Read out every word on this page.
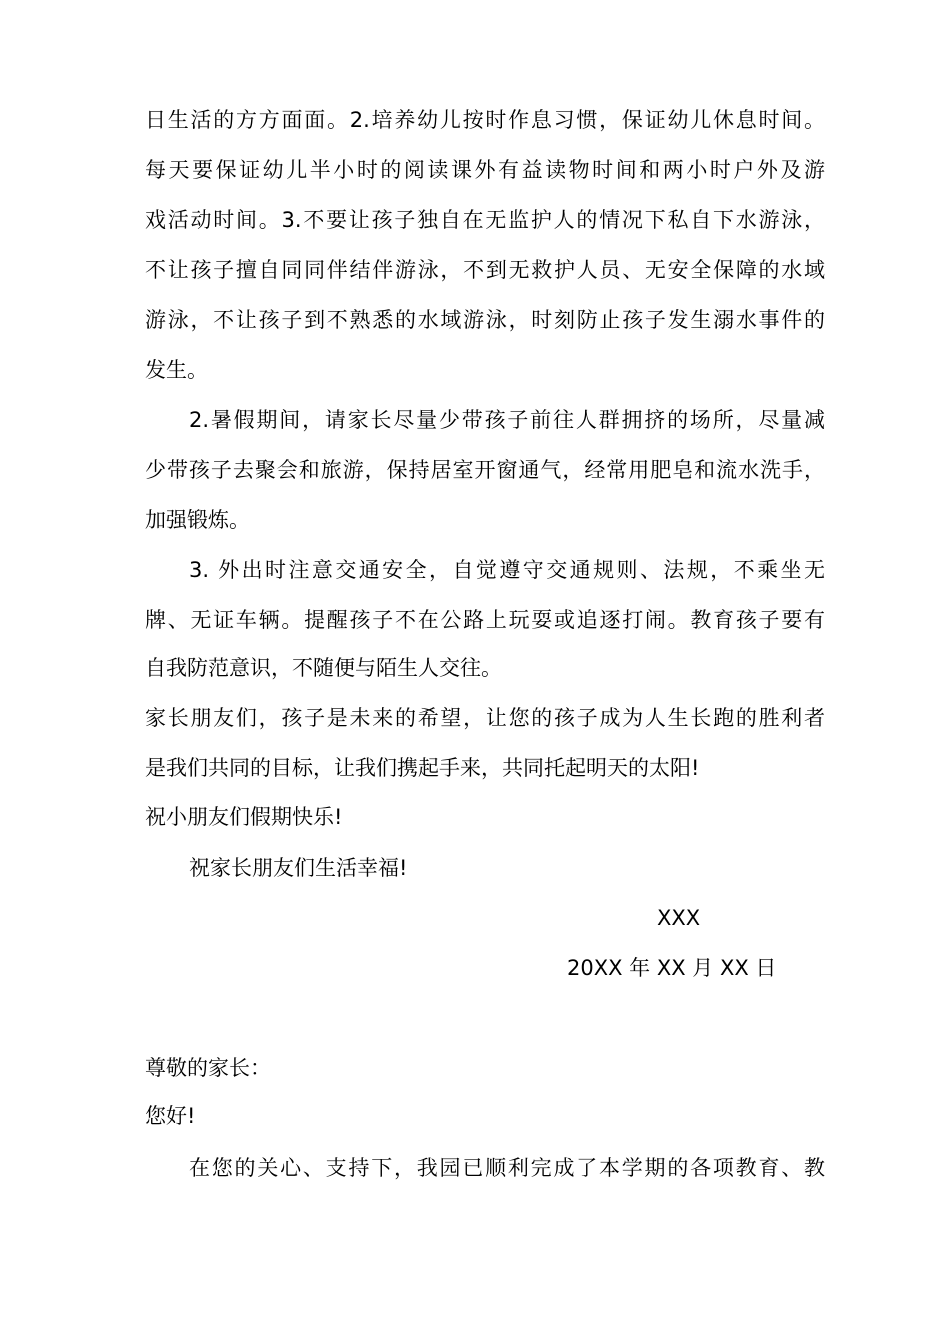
日生活的方方面面。2.培养幼儿按时作息习惯，保证幼儿休息时间。
每天要保证幼儿半小时的阅读课外有益读物时间和两小时户外及游
戏活动时间。3.不要让孩子独自在无监护人的情况下私自下水游泳，
不让孩子擅自同同伴结伴游泳，不到无救护人员、无安全保障的水域
游泳，不让孩子到不熟悉的水域游泳，时刻防止孩子发生溺水事件的
发生。
2.暑假期间，请家长尽量少带孩子前往人群拥挤的场所，尽量减
少带孩子去聚会和旅游，保持居室开窗通气，经常用肥皂和流水洗手，
加强锻炼。
3. 外出时注意交通安全，自觉遵守交通规则、法规，不乘坐无
牌、无证车辆。提醒孩子不在公路上玩耍或追逐打闹。教育孩子要有
自我防范意识，不随便与陌生人交往。
家长朋友们，孩子是未来的希望，让您的孩子成为人生长跑的胜利者
是我们共同的目标，让我们携起手来，共同托起明天的太阳!
祝小朋友们假期快乐!
祝家长朋友们生活幸福!
XXX
20XX 年 XX 月 XX 日
尊敬的家长：
您好!
在您的关心、支持下，我园已顺利完成了本学期的各项教育、教
